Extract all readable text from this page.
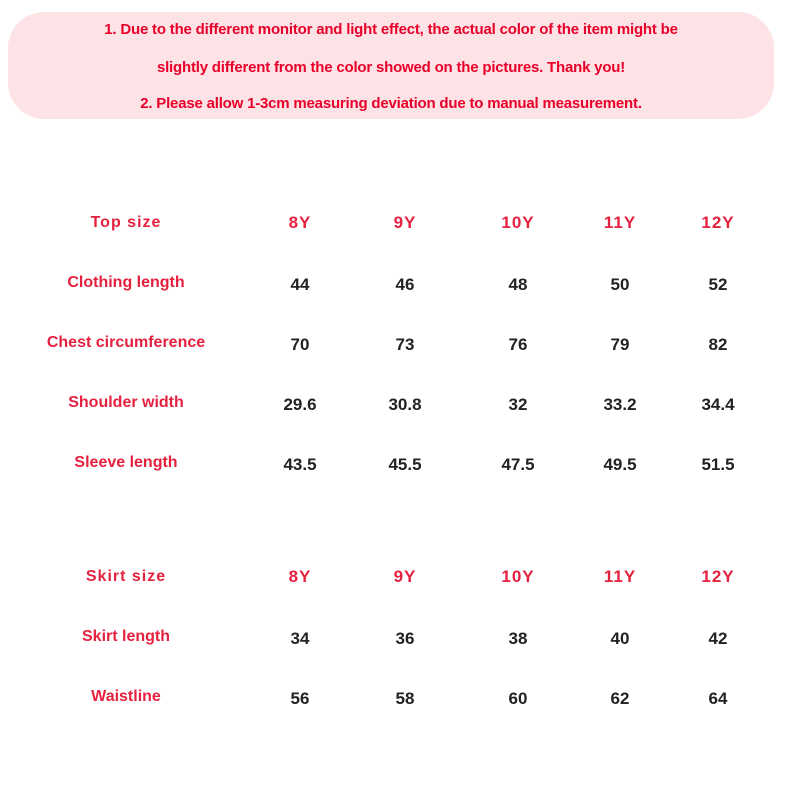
1. Due to the different monitor and light effect, the actual color of the item might be
slightly different from the color showed on the pictures. Thank you!
2. Please allow 1-3cm measuring deviation due to manual measurement.
Top size	8Y	9Y	10Y	11Y	12Y
Clothing length	44	46	48	50	52
Chest circumference	70	73	76	79	82
Shoulder width	29.6	30.8	32	33.2	34.4
Sleeve length	43.5	45.5	47.5	49.5	51.5
Skirt size	8Y	9Y	10Y	11Y	12Y
Skirt length	34	36	38	40	42
Waistline	56	58	60	62	64
